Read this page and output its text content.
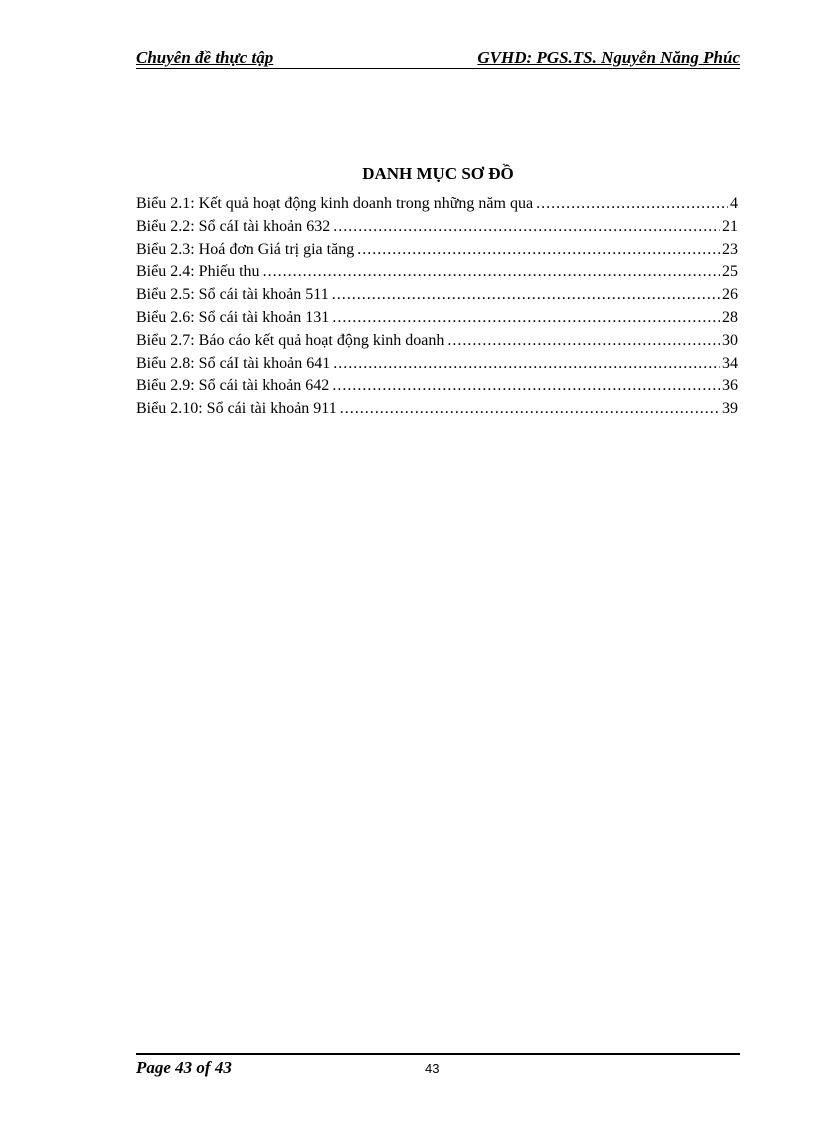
Chuyên đề thực tập	GVHD: PGS.TS. Nguyễn Năng Phúc
DANH MỤC SƠ ĐỒ
Biểu 2.1: Kết quả hoạt động kinh doanh trong những năm qua .....	4
Biểu 2.2: Sổ cáI tài khoản 632 .....	21
Biểu 2.3: Hoá đơn Giá trị gia tăng .....	23
Biểu 2.4: Phiếu thu .....	25
Biểu 2.5: Sổ cái tài khoản 511 .....	26
Biểu 2.6: Sổ cái tài khoản 131 .....	28
Biểu 2.7: Báo cáo kết quả hoạt động kinh doanh .....	30
Biểu 2.8: Sổ cáI tài khoản 641 .....	34
Biểu 2.9: Sổ cái tài khoản 642 .....	36
Biểu 2.10: Sổ cái tài khoản 911 .....	39
Page 43 of 43	43
